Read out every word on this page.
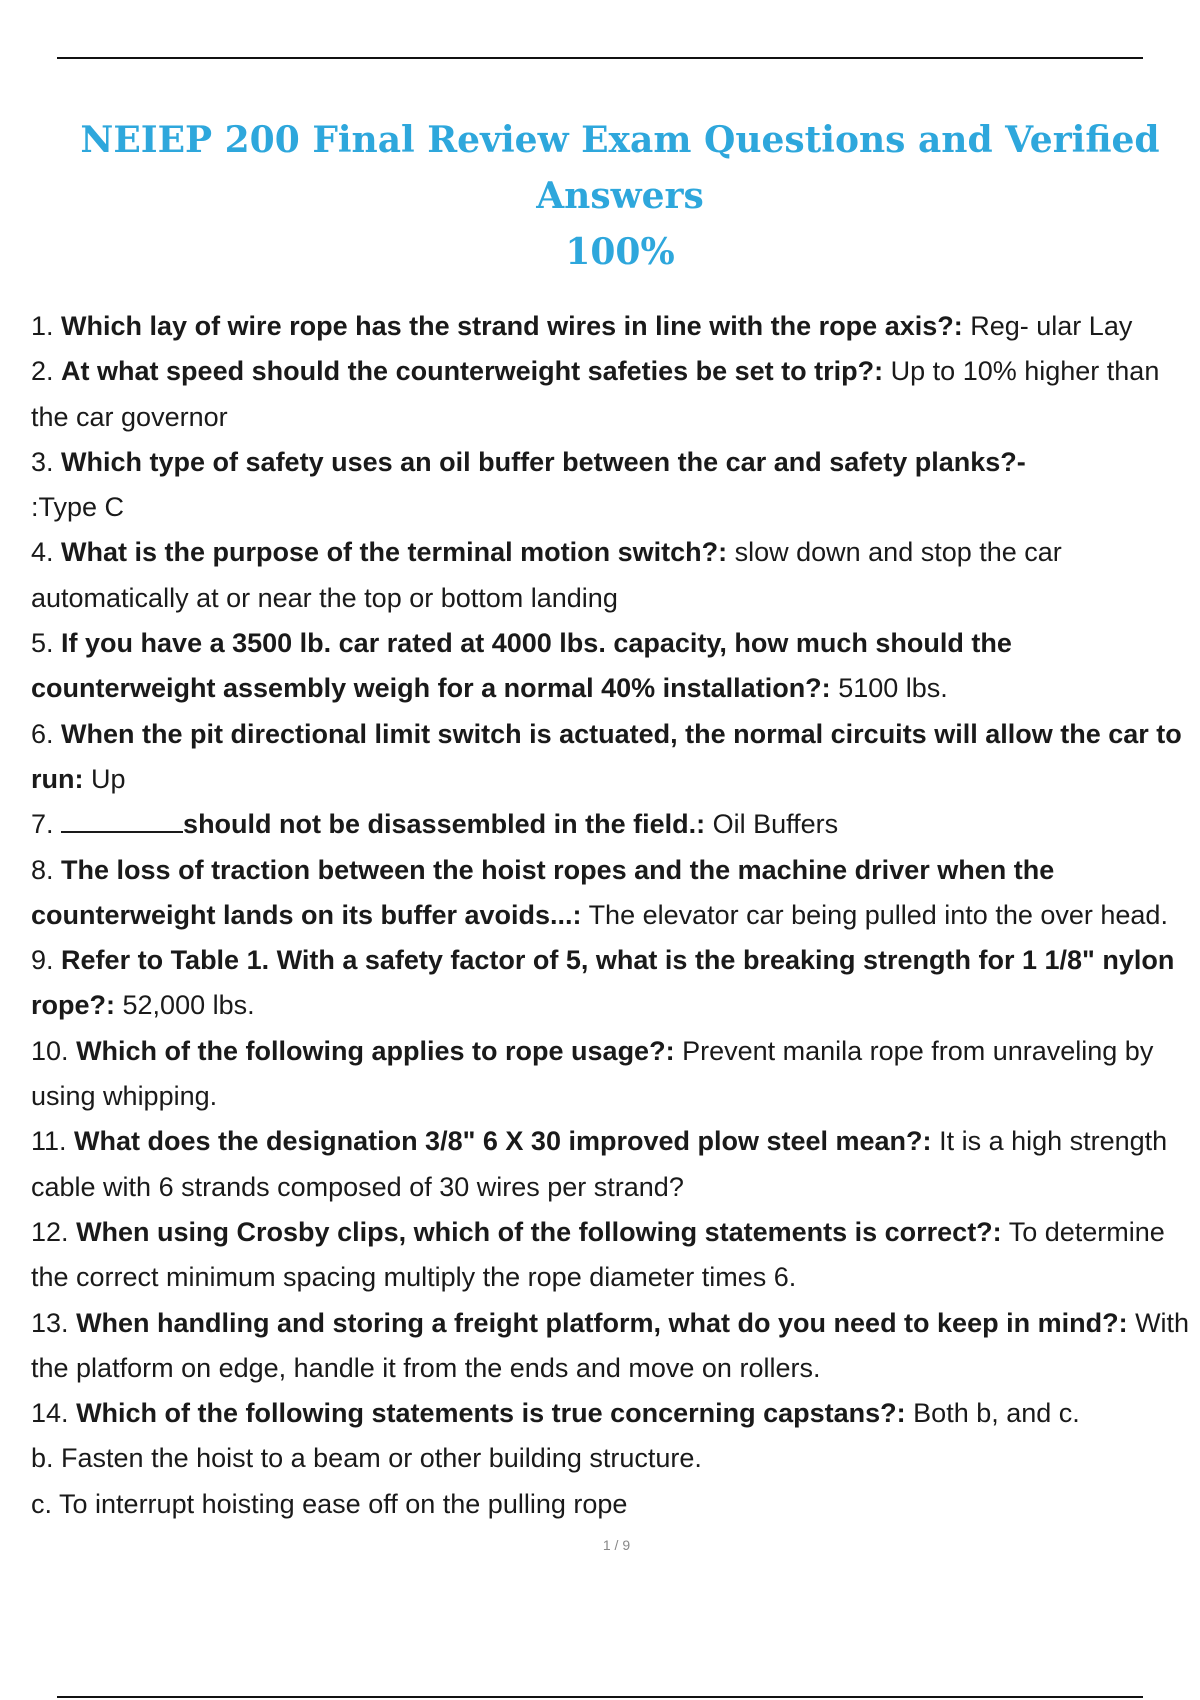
NEIEP 200 Final Review Exam Questions and Verified Answers
100%
1. Which lay of wire rope has the strand wires in line with the rope axis?: Reg- ular Lay
2. At what speed should the counterweight safeties be set to trip?: Up to 10% higher than the car governor
3. Which type of safety uses an oil buffer between the car and safety planks?-
:Type C
4. What is the purpose of the terminal motion switch?: slow down and stop the car automatically at or near the top or bottom landing
5. If you have a 3500 lb. car rated at 4000 lbs. capacity, how much should the counterweight assembly weigh for a normal 40% installation?: 5100 lbs.
6. When the pit directional limit switch is actuated, the normal circuits will allow the car to run: Up
7.	should not be disassembled in the field.: Oil Buffers
8. The loss of traction between the hoist ropes and the machine driver when the counterweight lands on its buffer avoids...: The elevator car being pulled into the over head.
9. Refer to Table 1. With a safety factor of 5, what is the breaking strength for 1 1/8" nylon rope?: 52,000 lbs.
10. Which of the following applies to rope usage?: Prevent manila rope from unraveling by using whipping.
11. What does the designation 3/8" 6 X 30 improved plow steel mean?: It is a high strength cable with 6 strands composed of 30 wires per strand?
12. When using Crosby clips, which of the following statements is correct?: To determine the correct minimum spacing multiply the rope diameter times 6.
13. When handling and storing a freight platform, what do you need to keep in mind?: With the platform on edge, handle it from the ends and move on rollers.
14. Which of the following statements is true concerning capstans?: Both b, and c.
b. Fasten the hoist to a beam or other building structure.
c. To interrupt hoisting ease off on the pulling rope
1 / 9
